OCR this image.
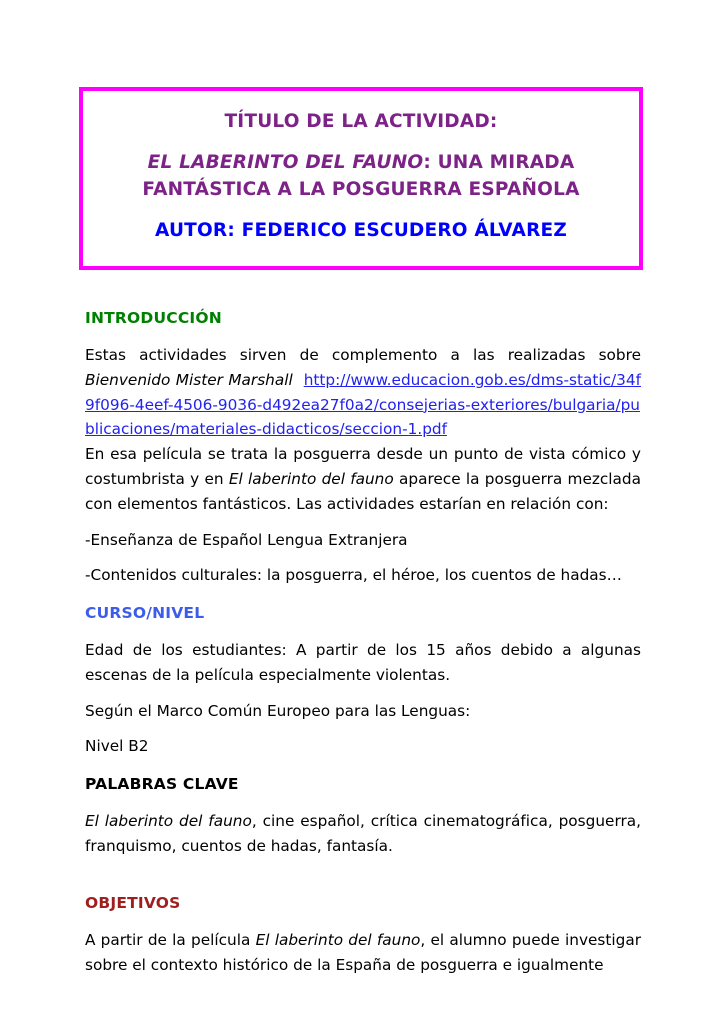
TÍTULO DE LA ACTIVIDAD:
EL LABERINTO DEL FAUNO: UNA MIRADA FANTÁSTICA A LA POSGUERRA ESPAÑOLA
AUTOR: FEDERICO ESCUDERO ÁLVAREZ
INTRODUCCIÓN

Estas actividades sirven de complemento a las realizadas sobre Bienvenido Mister Marshall http://www.educacion.gob.es/dms-static/34f9f096-4eef-4506-9036-d492ea27f0a2/consejerias-exteriores/bulgaria/publicaciones/materiales-didacticos/seccion-1.pdf

En esa película se trata la posguerra desde un punto de vista cómico y costumbrista y en El laberinto del fauno aparece la posguerra mezclada con elementos fantásticos. Las actividades estarían en relación con:

-Enseñanza de Español Lengua Extranjera

-Contenidos culturales: la posguerra, el héroe, los cuentos de hadas…

CURSO/NIVEL

Edad de los estudiantes: A partir de los 15 años debido a algunas escenas de la película especialmente violentas.

Según el Marco Común Europeo para las Lenguas:

Nivel B2

PALABRAS CLAVE

El laberinto del fauno, cine español, crítica cinematográfica, posguerra, franquismo, cuentos de hadas, fantasía.

OBJETIVOS

A partir de la película El laberinto del fauno, el alumno puede investigar sobre el contexto histórico de la España de posguerra e igualmente
